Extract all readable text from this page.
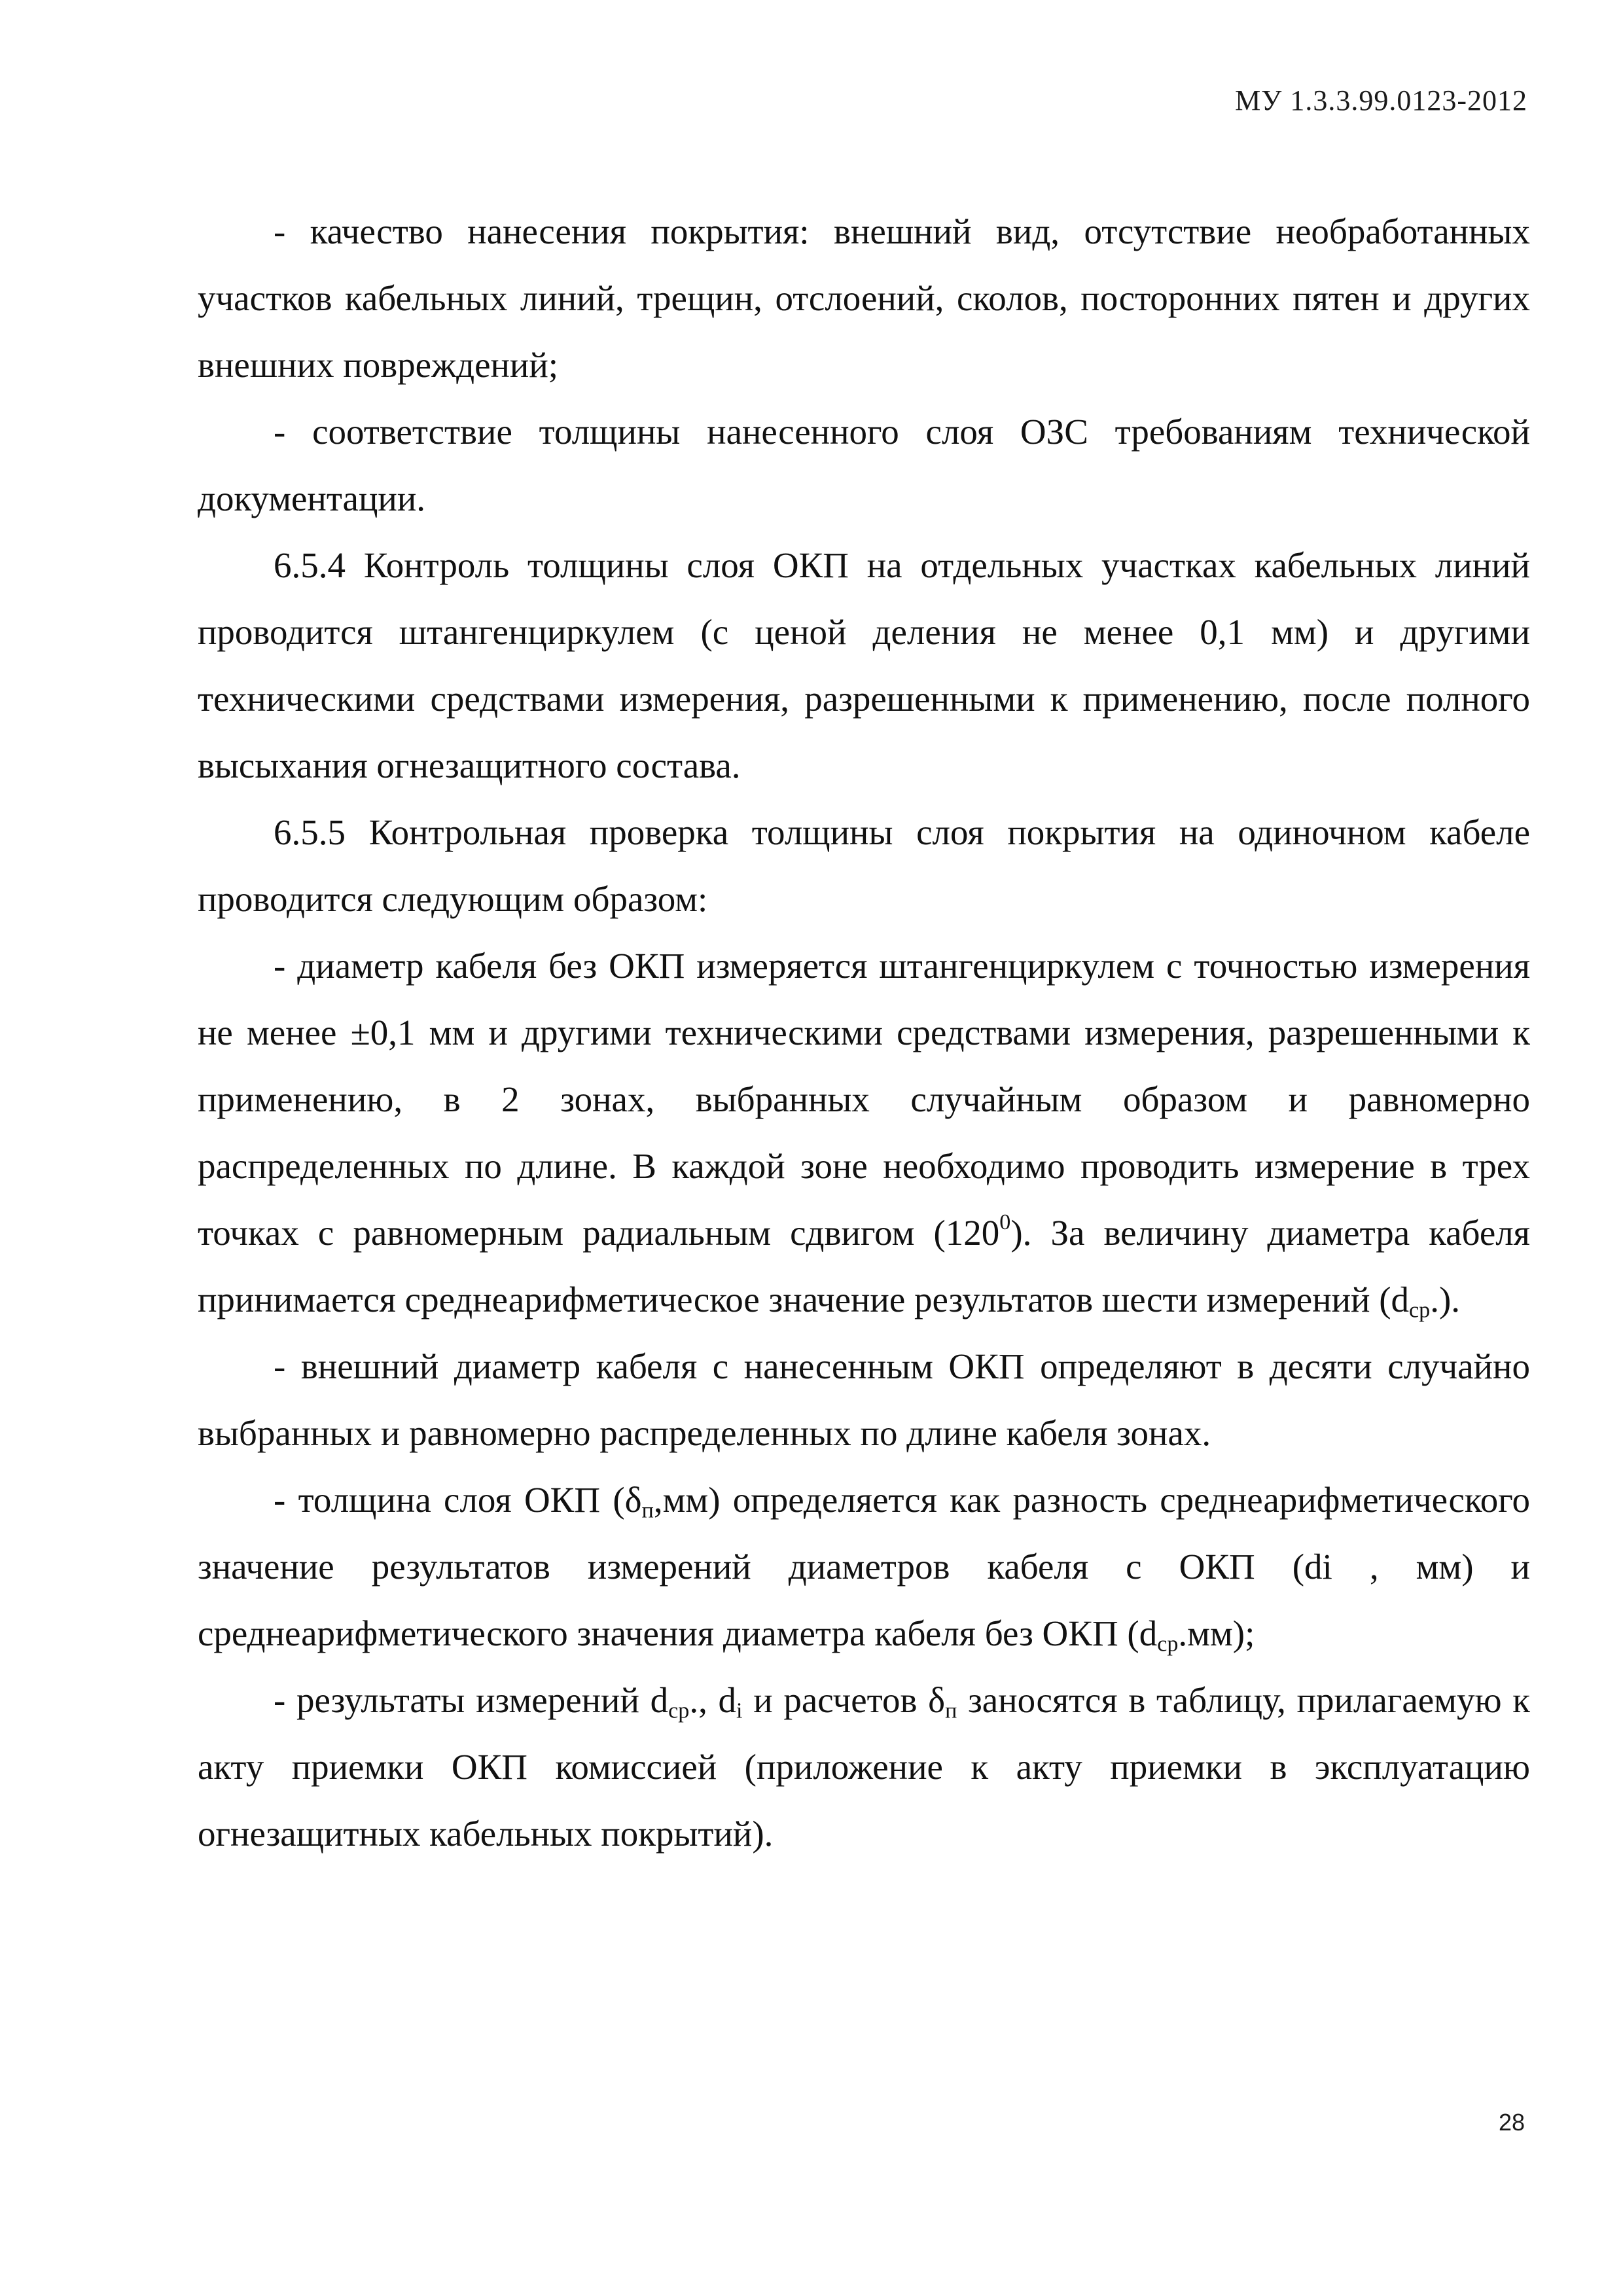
МУ 1.3.3.99.0123-2012

- качество нанесения покрытия: внешний вид, отсутствие необработанных участков кабельных линий, трещин, отслоений, сколов, посторонних пятен и других внешних повреждений;

- соответствие толщины нанесенного слоя ОЗС требованиям технической документации.

6.5.4 Контроль толщины слоя ОКП на отдельных участках кабельных линий проводится штангенциркулем (с ценой деления не менее 0,1 мм) и другими техническими средствами измерения, разрешенными к применению, после полного высыхания огнезащитного состава.

6.5.5 Контрольная проверка толщины слоя покрытия на одиночном кабеле проводится следующим образом:

- диаметр кабеля без ОКП измеряется штангенциркулем с точностью измерения не менее ±0,1 мм и другими техническими средствами измерения, разрешенными к применению, в 2 зонах, выбранных случайным образом и равномерно распределенных по длине. В каждой зоне необходимо проводить измерение в трех точках с равномерным радиальным сдвигом $(120^0)$. За величину диаметра кабеля принимается среднеарифметическое значение результатов шести измерений $(d_{ср}.)$.

- внешний диаметр кабеля с нанесенным ОКП определяют в десяти случайно выбранных и равномерно распределенных по длине кабеля зонах.

- толщина слоя ОКП $(\delta_п,мм)$ определяется как разность среднеарифметического значение результатов измерений диаметров кабеля с ОКП (di , мм) и среднеарифметического значения диаметра кабеля без ОКП $(d_{ср}.мм)$;

- результаты измерений $d_{ср}$., $d_i$ и расчетов $\delta_п$ заносятся в таблицу, прилагаемую к акту приемки ОКП комиссией (приложение к акту приемки в эксплуатацию огнезащитных кабельных покрытий).

28
